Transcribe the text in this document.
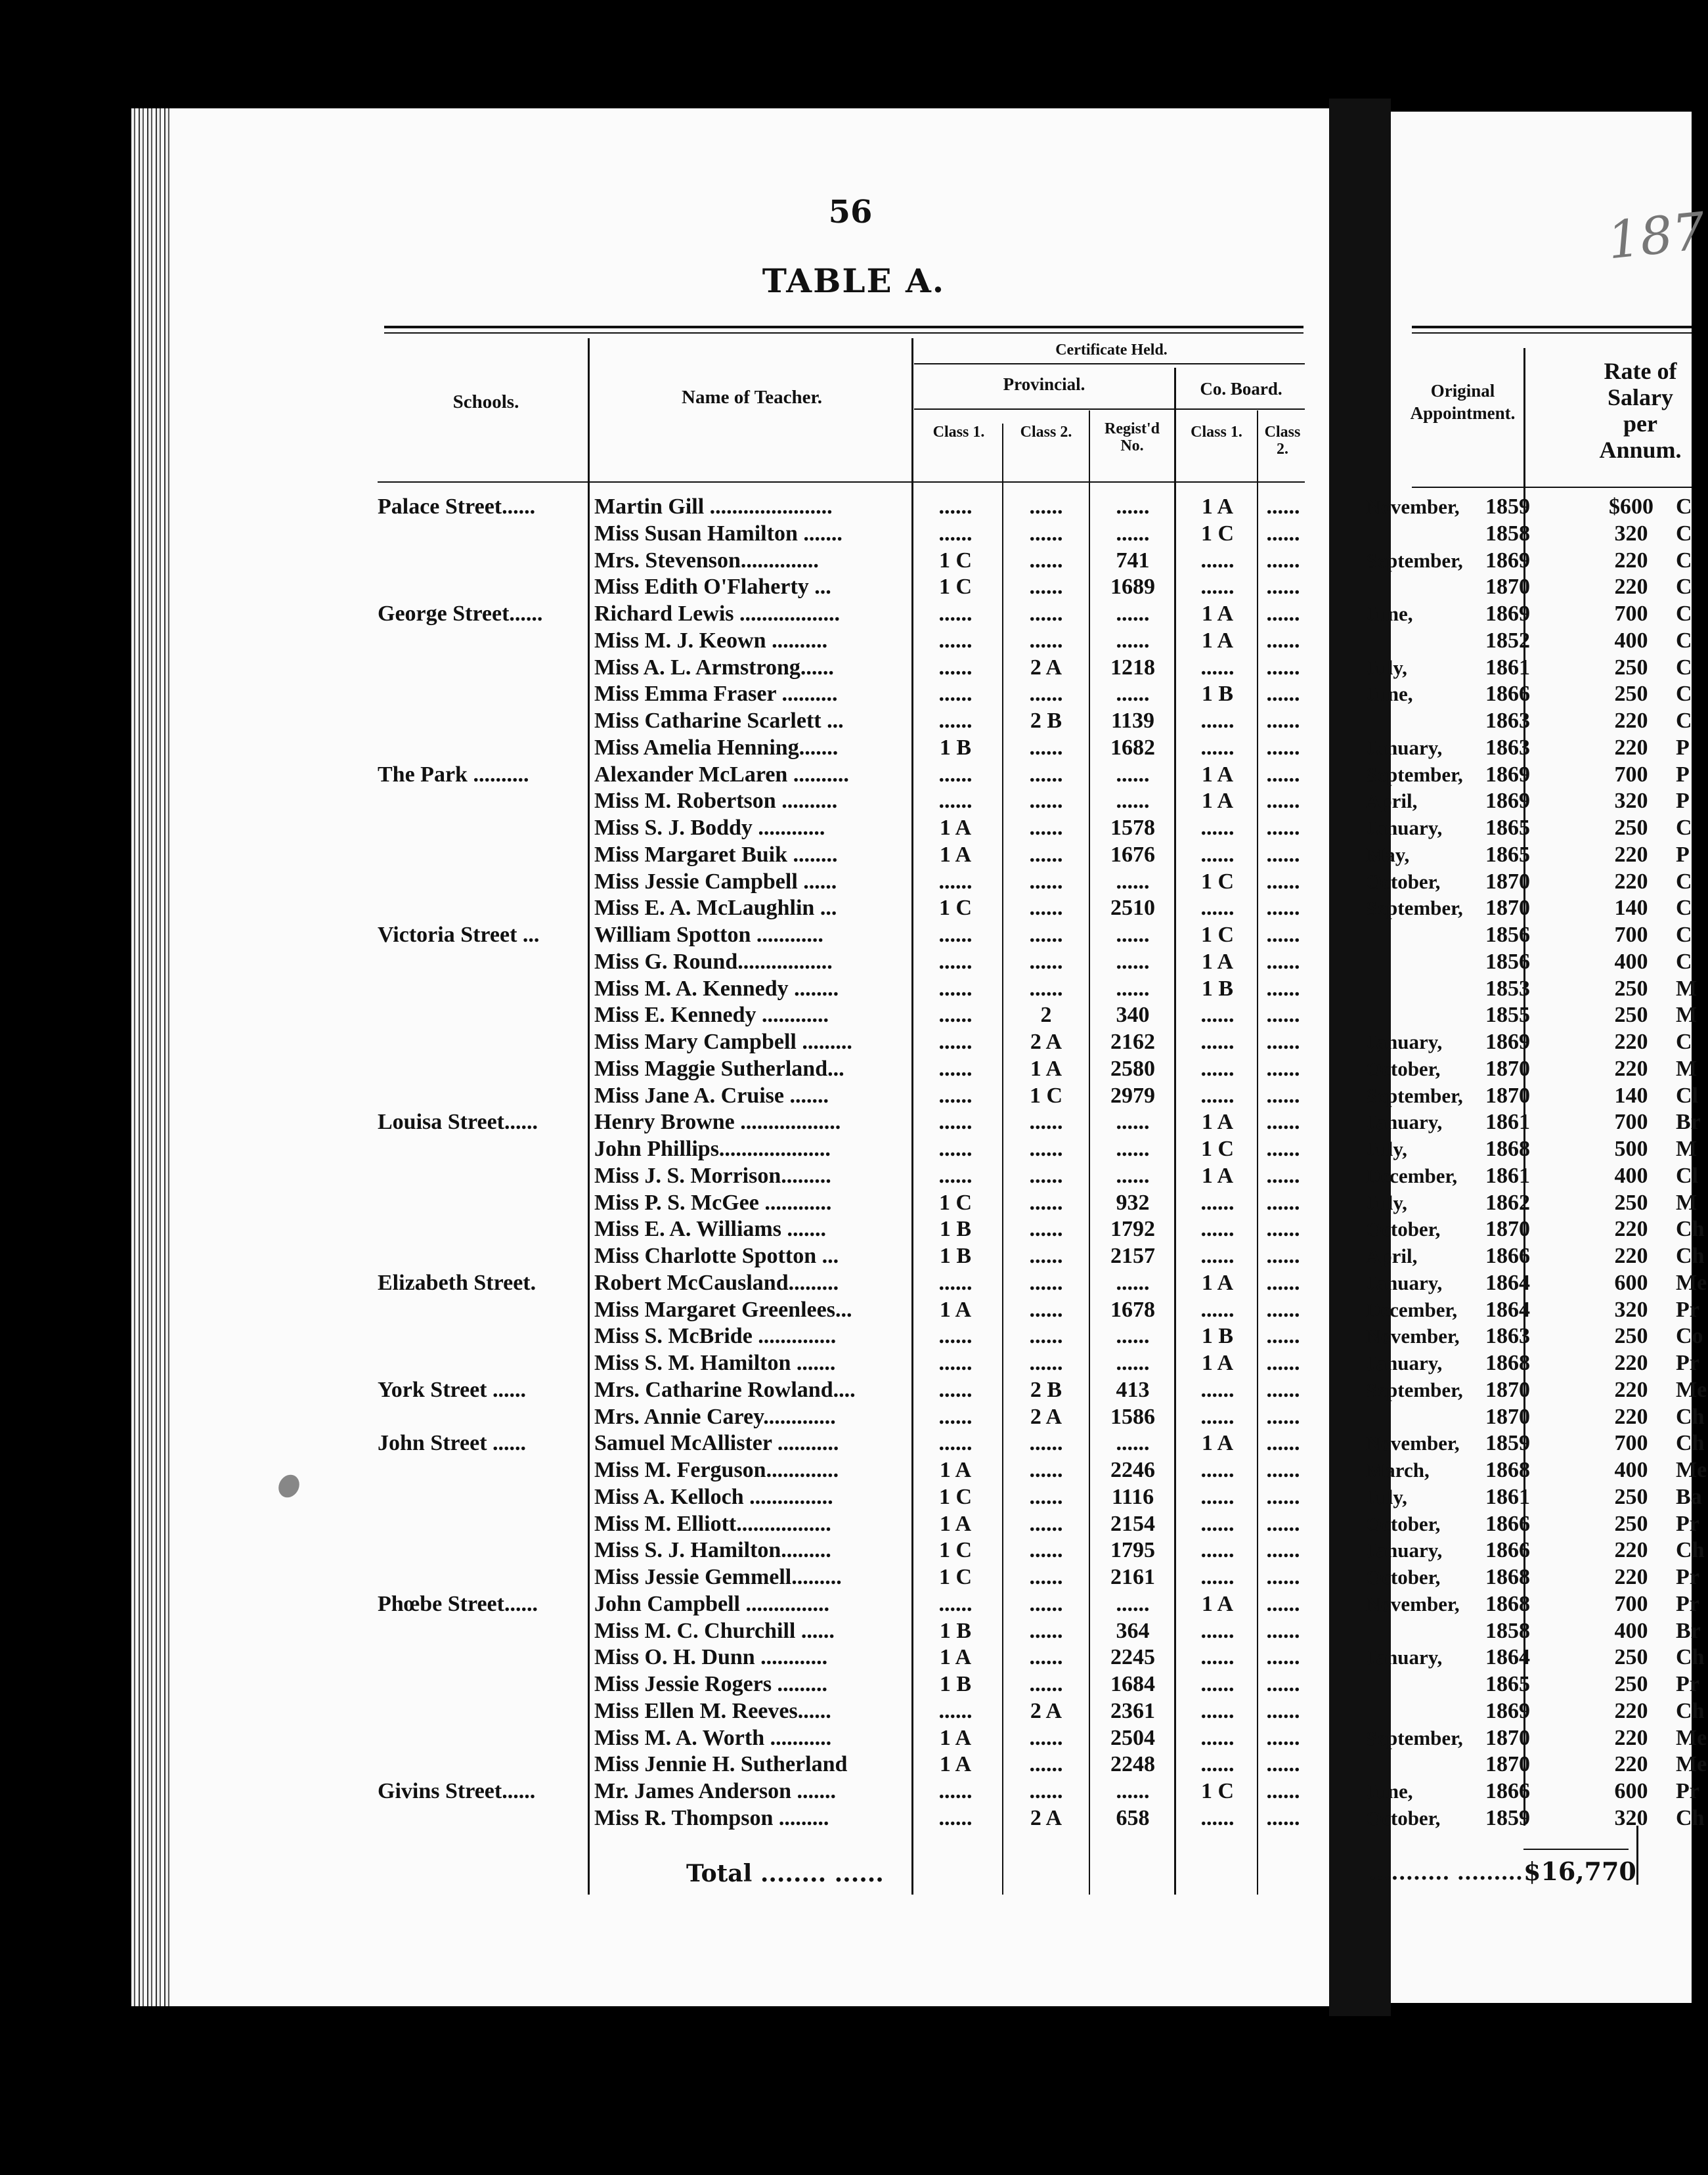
56
TABLE A.
187
Schools.	Name of Teacher.
Certificate Held.
Provincial.	Co. Board.
Class 1.	Class 2.	Regist'd No.
Class 1.	Class 2.
Original Appointment.
Rate of
Salary
per
Annum.
Palace Street......	Martin Gill ......................	......	......	......	1 A	......	November,	1859	$600	C
Miss Susan Hamilton .......	......	......	......	1 C	......	1858	320	C
Mrs. Stevenson..............	1 C	......	741	......	......	September,	1869	220	C
Miss Edith O'Flaherty ...	1 C	......	1689	......	......	1870	220	C
George Street......	Richard Lewis ..................	......	......	......	1 A	......	June,	1869	700	C
Miss M. J. Keown ..........	......	......	......	1 A	......	1852	400	C
Miss A. L. Armstrong......	......	2 A	1218	......	......	July,	1861	250	C
Miss Emma Fraser ..........	......	......	......	1 B	......	June,	1866	250	C
Miss Catharine Scarlett ...	......	2 B	1139	......	......	1863	220	C
Miss Amelia Henning.......	1 B	......	1682	......	......	January,	1863	220	P
The Park ..........	Alexander McLaren ..........	......	......	......	1 A	......	September,	1869	700	P
Miss M. Robertson ..........	......	......	......	1 A	......	April,	1869	320	P
Miss S. J. Boddy ............	1 A	......	1578	......	......	January,	1865	250	C
Miss Margaret Buik ........	1 A	......	1676	......	......	May,	1865	220	P
Miss Jessie Campbell ......	......	......	......	1 C	......	October,	1870	220	C
Miss E. A. McLaughlin ...	1 C	......	2510	......	......	September,	1870	140	C
Victoria Street ...	William Spotton ............	......	......	......	1 C	......	1856	700	C
Miss G. Round.................	......	......	......	1 A	......	1856	400	C
Miss M. A. Kennedy ........	......	......	......	1 B	......	1853	250	M
Miss E. Kennedy ............	......	2	340	......	......	1855	250	M
Miss Mary Campbell .........	......	2 A	2162	......	......	January,	1869	220	C
Miss Maggie Sutherland...	......	1 A	2580	......	......	October,	1870	220	M
Miss Jane A. Cruise .......	......	1 C	2979	......	......	September,	1870	140	Cl
Louisa Street......	Henry Browne ..................	......	......	......	1 A	......	January,	1861	700	Br
John Phillips....................	......	......	......	1 C	......	July,	1868	500	M
Miss J. S. Morrison.........	......	......	......	1 A	......	December,	1861	400	Cl
Miss P. S. McGee ............	1 C	......	932	......	......	July,	1862	250	M
Miss E. A. Williams .......	1 B	......	1792	......	......	October,	1870	220	Ch
Miss Charlotte Spotton ...	1 B	......	2157	......	......	April,	1866	220	Ch
Elizabeth Street.	Robert McCausland.........	......	......	......	1 A	......	January,	1864	600	Me
Miss Margaret Greenlees...	1 A	......	1678	......	......	December,	1864	320	Pr
Miss S. McBride ..............	......	......	......	1 B	......	November,	1863	250	Co
Miss S. M. Hamilton .......	......	......	......	1 A	......	January,	1868	220	Pr
York Street ......	Mrs. Catharine Rowland....	......	2 B	413	......	......	September,	1870	220	Me
Mrs. Annie Carey.............	......	2 A	1586	......	......	1870	220	Ch
John Street ......	Samuel McAllister ...........	......	......	......	1 A	......	November,	1859	700	Ch
Miss M. Ferguson.............	1 A	......	2246	......	......	March,	1868	400	Me
Miss A. Kelloch ...............	1 C	......	1116	......	......	July,	1861	250	Ba
Miss M. Elliott.................	1 A	......	2154	......	......	October,	1866	250	Pr
Miss S. J. Hamilton.........	1 C	......	1795	......	......	January,	1866	220	Ch
Miss Jessie Gemmell.........	1 C	......	2161	......	......	October,	1868	220	Pr
Phœbe Street......	John Campbell ...............	......	......	......	1 A	......	November,	1868	700	Pr
Miss M. C. Churchill ......	1 B	......	364	......	......	1858	400	Br
Miss O. H. Dunn ............	1 A	......	2245	......	......	January,	1864	250	Ch
Miss Jessie Rogers .........	1 B	......	1684	......	......	1865	250	Pr
Miss Ellen M. Reeves......	......	2 A	2361	......	......	1869	220	Ch
Miss M. A. Worth ...........	1 A	......	2504	......	......	September,	1870	220	Me
Miss Jennie H. Sutherland	1 A	......	2248	......	......	1870	220	Me
Givins Street......	Mr. James Anderson .......	......	......	......	1 C	......	June,	1866	600	Pr
Miss R. Thompson .........	......	2 A	658	......	......	October,	1859	320	Ch
Total ........ ......	........... ......... $16,770
